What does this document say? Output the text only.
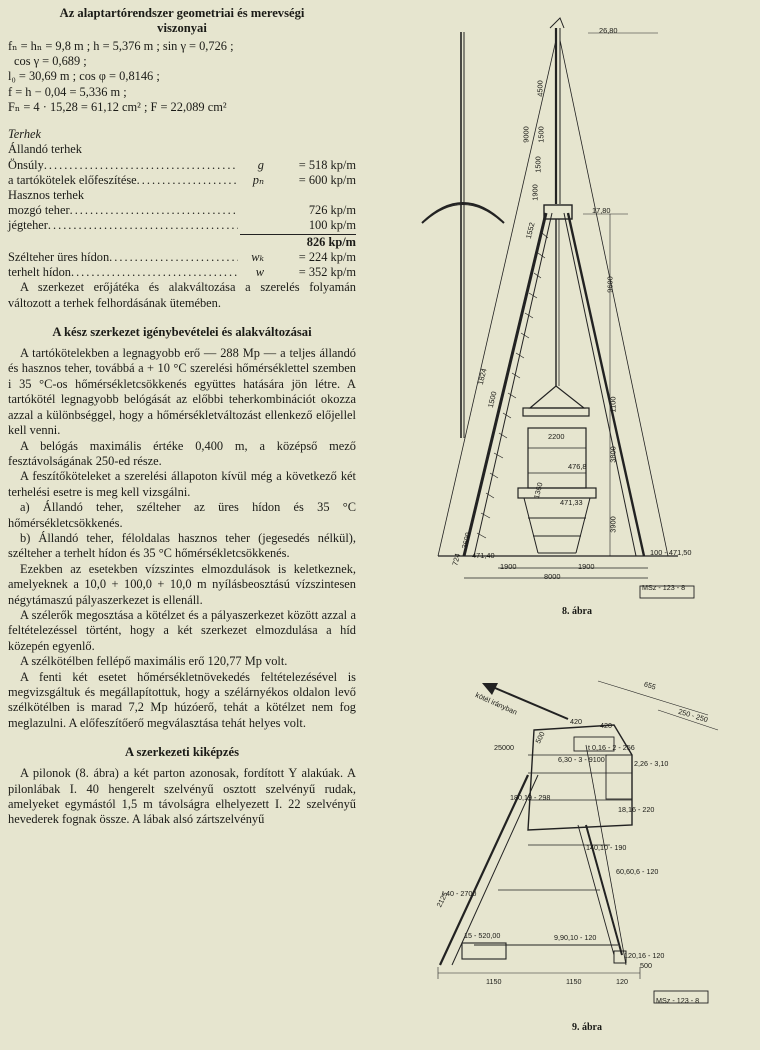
Az alaptartórendszer geometriai és merevségi
viszonyai
fₙ = hₙ = 9,8 m ; h = 5,376 m ; sin γ = 0,726 ;
cos γ = 0,689 ;
l₀ = 30,69 m ; cos φ = 0,8146 ;
f = h − 0,04 = 5,336 m ;
Fₙ = 4 · 15,28 = 61,12 cm² ; F = 22,089 cm²
Terhek
Állandó terhek
Önsúly .....	g	= 518 kp/m
a tartókötelek előfeszítése .....	pₙ	= 600 kp/m
Hasznos terhek
mozgó teher .....	726 kp/m
jégteher .....	100 kp/m
826 kp/m
Szélteher üres hídon .....	wₖ	= 224 kp/m
terhelt hídon .....	w	= 352 kp/m

A szerkezet erőjátéka és alakváltozása a szerelés folyamán változott a terhek felhordásának ütemében.

A kész szerkezet igénybevételei és alakváltozásai

A tartókötelekben a legnagyobb erő — 288 Mp — a teljes állandó és hasznos teher, továbbá a + 10 °C szerelési hőmérséklettel szemben i 35 °C-os hőmérsékletcsökkenés együttes hatására jön létre. A tartókötél legnagyobb belógását az előbbi teherkombinációt okozza azzal a különbséggel, hogy a hőmérsékletváltozást ellenkező előjellel kell venni.

A belógás maximális értéke 0,400 m, a középső mező fesztávolságának 250-ed része.

A feszítőköteleket a szerelési állapoton kívül még a következő két terhelési esetre is meg kell vizsgálni.

a) Állandó teher, szélteher az üres hídon és 35 °C hőmérsékletcsökkenés.

b) Állandó teher, féloldalas hasznos teher (jegesedés nélkül), szélteher a terhelt hídon és 35 °C hőmérsékletcsökkenés.

Ezekben az esetekben vízszintes elmozdulások is keletkeznek, amelyeknek a 10,0 + 100,0 + 10,0 m nyílásbeosztású vízszintesen négytámaszú pályaszerkezet is ellenáll.

A szélerők megosztása a kötélzet és a pályaszerkezet között azzal a feltételezéssel történt, hogy a két szerkezet elmozdulása a híd közepén egyenlő.

A szélkötélben fellépő maximális erő 120,77 Mp volt.

A fenti két esetet hőmérsékletnövekedés feltételezésével is megvizsgáltuk és megállapítottuk, hogy a szélárnyékos oldalon levő szélkötélben is marad 7,2 Mp húzóerő, tehát a kötélzet nem fog meglazulni. A előfeszítőerő megválasztása tehát helyes volt.

A szerkezeti kiképzés

A pilonok (8. ábra) a két parton azonosak, fordított Y alakúak. A pilonlábak I. 40 hengerelt szelvényű osztott szelvényű rudak, amelyeket egymástól 1,5 m távolságra elhelyezett I. 22 szelvényű hevederek fognak össze. A lábak alsó zártszelvényű

26,80
4500
9000 1500
1500
1900
17,80
9600
1100
2200
3800
3900
3600
1824
1900	1900
8000
471,40	100 - 471,50
471,33
476,8
1552
1500
1360
724
MSz - 123 - 8
8. ábra
kötél irányban
655
250 - 250
500
420	420
25000
2125
t 0,16 - 2 - 256
6,30 - 3 - 9100	2,26 - 3,10
180,19 - 298
18,16 - 220
140,10 - 190
60,60,6 - 120
I 40 - 2700
15 - 520,00	9,90,10 - 120
120,16 - 120
1150	1150	120
500
MSz - 123 - 8
9. ábra
